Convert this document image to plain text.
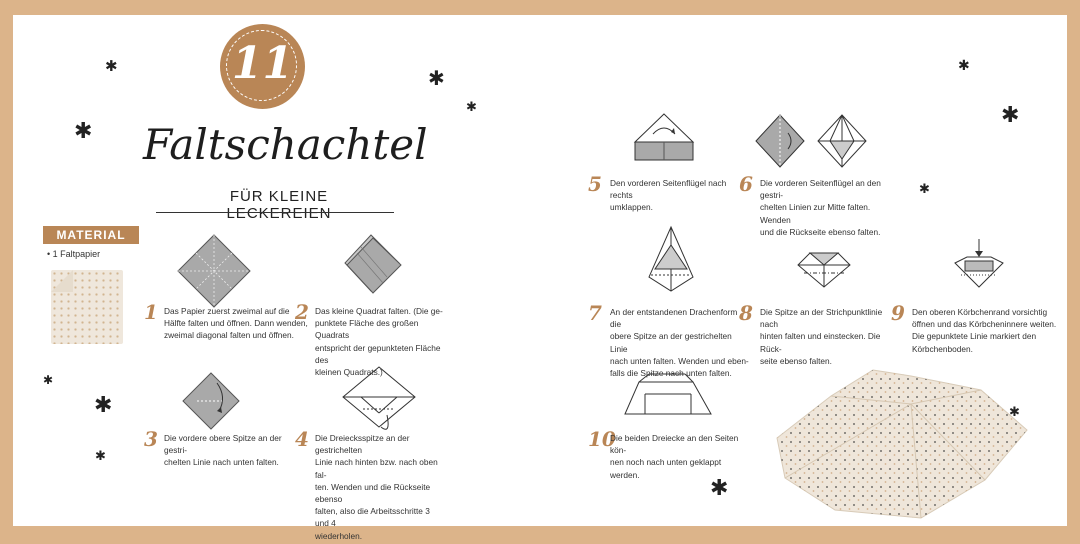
11
Faltschachtel
FÜR KLEINE LECKEREIEN
MATERIAL
• 1 Faltpapier
1 Das Papier zuerst zweimal auf die
Hälfte falten und öffnen. Dann wenden,
zweimal diagonal falten und öffnen.
2 Das kleine Quadrat falten. (Die ge-
punktete Fläche des großen Quadrats
entspricht der gepunkteten Fläche des
kleinen Quadrats.)
3 Die vordere obere Spitze an der gestri-
chelten Linie nach unten falten.
4 Die Dreiecksspitze an der gestrichelten
Linie nach hinten bzw. nach oben fal-
ten. Wenden und die Rückseite ebenso
falten, also die Arbeitsschritte 3 und 4
wiederholen.
5 Den vorderen Seitenflügel nach rechts
umklappen.
6 Die vorderen Seitenflügel an den gestri-
chelten Linien zur Mitte falten. Wenden
und die Rückseite ebenso falten.
7 An der entstandenen Drachenform die
obere Spitze an der gestrichelten Linie
nach unten falten. Wenden und eben-
falls die Spitze nach unten falten.
8 Die Spitze an der Strichpunktlinie nach
hinten falten und einstecken. Die Rück-
seite ebenso falten.
9 Den oberen Körbchenrand vorsichtig
öffnen und das Körbcheninnere weiten.
Die gepunktete Linie markiert den
Körbchenboden.
10
Die beiden Dreiecke an den Seiten kön-
nen noch nach unten geklappt werden.
✱	✱
✱
✱
✱
✱
✱
✱
✱
✱
✱
✱
